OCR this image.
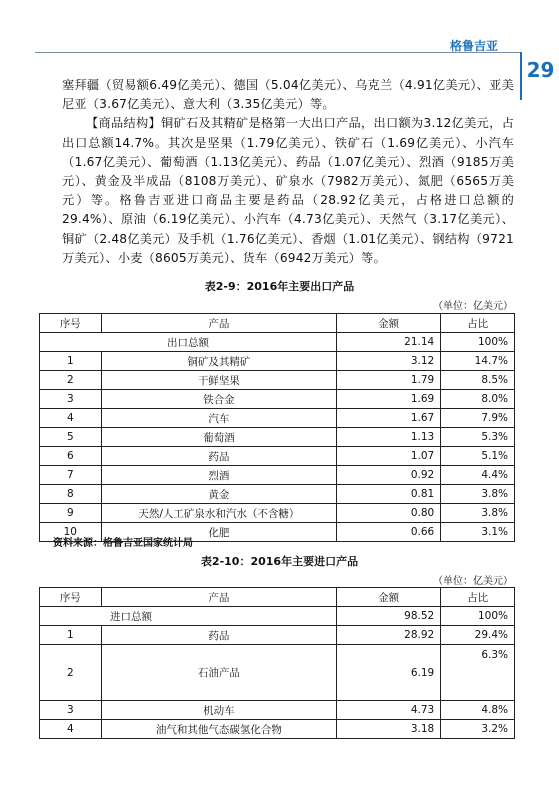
格鲁吉亚
29

塞拜疆（贸易额6.49亿美元）、德国（5.04亿美元）、乌克兰（4.91亿美元）、亚美尼亚（3.67亿美元）、意大利（3.35亿美元）等。

【商品结构】铜矿石及其精矿是格第一大出口产品，出口额为3.12亿美元，占出口总额14.7%。其次是坚果（1.79亿美元）、铁矿石（1.69亿美元）、小汽车（1.67亿美元）、葡萄酒（1.13亿美元）、药品（1.07亿美元）、烈酒（9185万美元）、黄金及半成品（8108万美元）、矿泉水（7982万美元）、氮肥（6565万美元）等。格鲁吉亚进口商品主要是药品（28.92亿美元，占格进口总额的29.4%）、原油（6.19亿美元）、小汽车（4.73亿美元）、天然气（3.17亿美元）、铜矿（2.48亿美元）及手机（1.76亿美元）、香烟（1.01亿美元）、钢结构（9721万美元）、小麦（8605万美元）、货车（6942万美元）等。

表2-9：2016年主要出口产品
（单位：亿美元）
序号	产品	金额	占比
出口总额		21.14	100%
1	铜矿及其精矿	3.12	14.7%
2	干鲜坚果	1.79	8.5%
3	铁合金	1.69	8.0%
4	汽车	1.67	7.9%
5	葡萄酒	1.13	5.3%
6	药品	1.07	5.1%
7	烈酒	0.92	4.4%
8	黄金	0.81	3.8%
9	天然/人工矿泉水和汽水（不含糖）	0.80	3.8%
10	化肥	0.66	3.1%
资料来源：格鲁吉亚国家统计局
表2-10：2016年主要进口产品
（单位：亿美元）
序号	产品	金额	占比
进口总额		98.52	100%
1	药品	28.92	29.4%
2	石油产品	6.19	6.3%
3	机动车	4.73	4.8%
4	油气和其他气态碳氢化合物	3.18	3.2%
